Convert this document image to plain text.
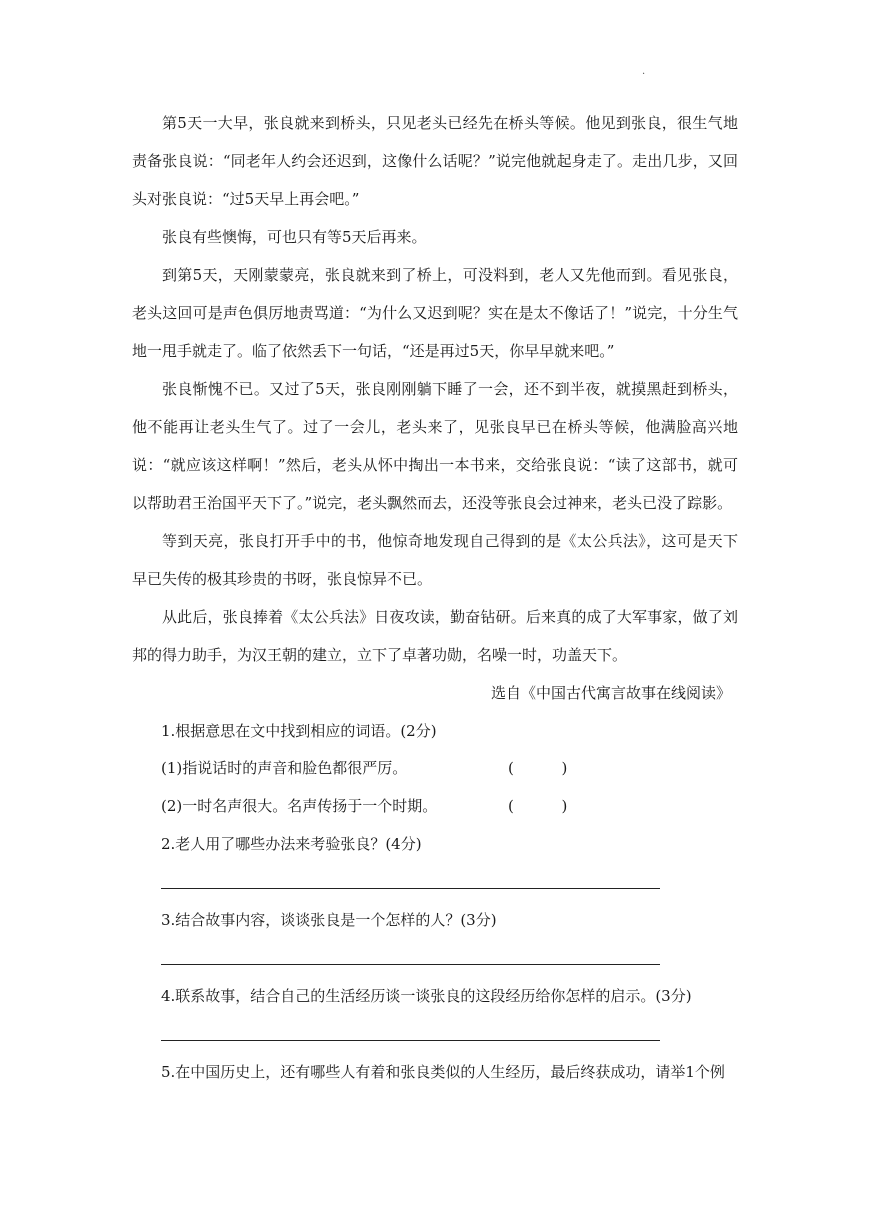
.

第5天一大早，张良就来到桥头，只见老头已经先在桥头等候。他见到张良，很生气地责备张良说：“同老年人约会还迟到，这像什么话呢？”说完他就起身走了。走出几步，又回头对张良说：“过5天早上再会吧。”

张良有些懊悔，可也只有等5天后再来。

到第5天，天刚蒙蒙亮，张良就来到了桥上，可没料到，老人又先他而到。看见张良，老头这回可是声色俱厉地责骂道：“为什么又迟到呢？实在是太不像话了！”说完，十分生气地一甩手就走了。临了依然丢下一句话，“还是再过5天，你早早就来吧。”

张良惭愧不已。又过了5天，张良刚刚躺下睡了一会，还不到半夜，就摸黑赶到桥头，他不能再让老头生气了。过了一会儿，老头来了，见张良早已在桥头等候，他满脸高兴地说：“就应该这样啊！”然后，老头从怀中掏出一本书来，交给张良说：“读了这部书，就可以帮助君王治国平天下了。”说完，老头飘然而去，还没等张良会过神来，老头已没了踪影。

等到天亮，张良打开手中的书，他惊奇地发现自己得到的是《太公兵法》，这可是天下早已失传的极其珍贵的书呀，张良惊异不已。

从此后，张良捧着《太公兵法》日夜攻读，勤奋钻研。后来真的成了大军事家，做了刘邦的得力助手，为汉王朝的建立，立下了卓著功勋，名噪一时，功盖天下。

选自《中国古代寓言故事在线阅读》

1.根据意思在文中找到相应的词语。(2分)

(1)指说话时的声音和脸色都很严厉。	(          )

(2)一时名声很大。名声传扬于一个时期。	(          )

2.老人用了哪些办法来考验张良？(4分)

3.结合故事内容，谈谈张良是一个怎样的人？(3分)

4.联系故事，结合自己的生活经历谈一谈张良的这段经历给你怎样的启示。(3分)

5.在中国历史上，还有哪些人有着和张良类似的人生经历，最后终获成功，请举1个例
